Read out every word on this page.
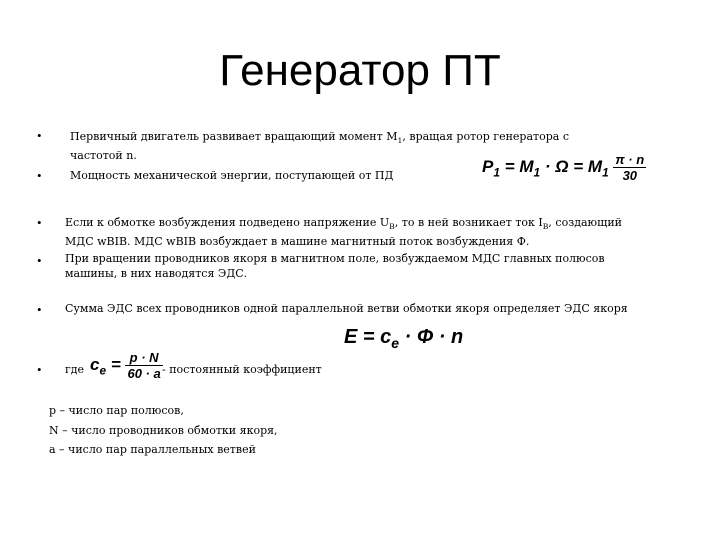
Генератор ПТ
•	Первичный двигатель развивает вращающий момент $M_1$, вращая ротор генератора с
частотой n.
•	Мощность механической энергии, поступающей от ПД	$P_1 = M_1 \cdot \Omega = M_1 \frac{\pi \cdot n}{30}$
• Если к обмотке возбуждения подведено напряжение $U_В$, то в ней возникает ток $I_В$, создающий
МДС wВIВ. МДС wВIВ возбуждает в машине магнитный поток возбуждения Ф.
• При вращении проводников якоря в магнитном поле, возбуждаемом МДС главных полюсов
машины, в них наводятся ЭДС.
• Сумма ЭДС всех проводников одной параллельной ветви обмотки якоря определяет ЭДС якоря
$E = c_e \cdot \Phi \cdot n$
• где $c_e = \frac{p \cdot N}{60 \cdot a}$ - постоянный коэффициент
p – число пар полюсов,
N – число проводников обмотки якоря,
a – число пар параллельных ветвей
